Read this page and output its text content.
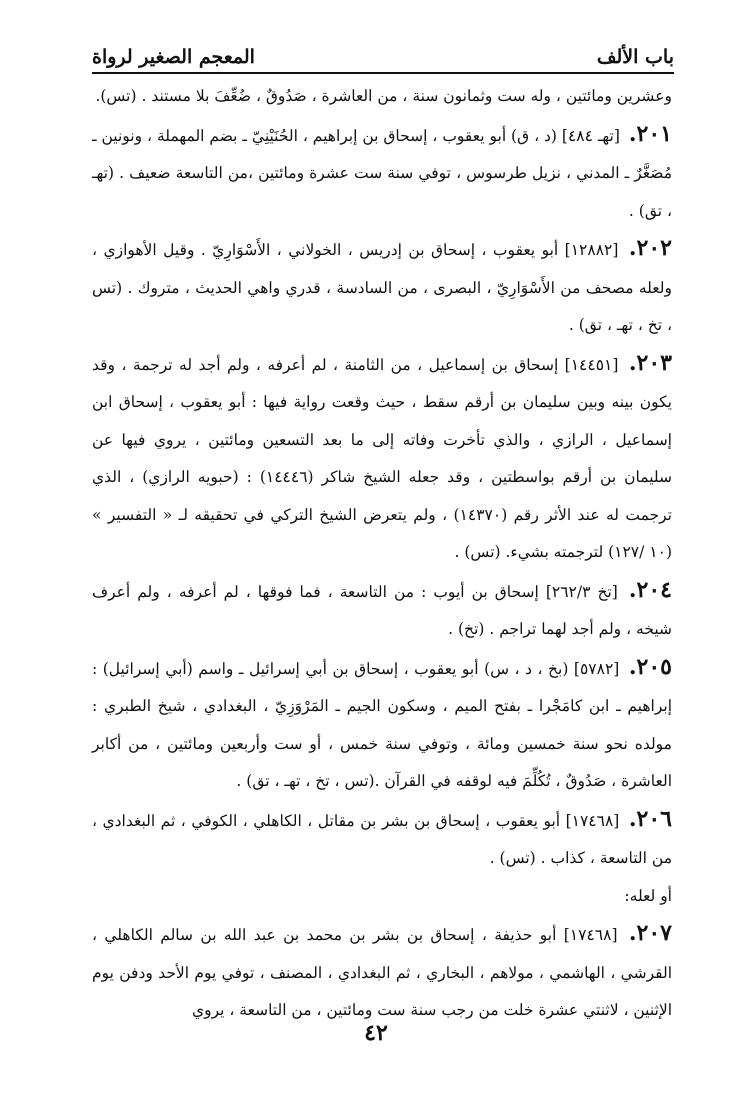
باب الألف
المعجم الصغير لرواة

وعشرين ومائتين ، وله ست وثمانون سنة ، من العاشرة ، صَدُوقٌ ، ضُعِّفَ بلا مستند . (تس).

٢٠١. [تهـ ٤٨٤] (د ، ق) أبو يعقوب ، إسحاق بن إبراهيم ، الحُنَيْنِيّ ـ بضم المهملة ، ونونين ـ مُصَغَّرٌ ـ المدني ، نزيل طرسوس ، توفي سنة ست عشرة ومائتين ،من التاسعة ضعيف . (تهـ ، تق) .

٢٠٢. [١٢٨٨٢] أبو يعقوب ، إسحاق بن إدريس ، الخولاني ، الأَسْوَارِيّ . وقيل الأهوازي ، ولعله مصحف من الأَسْوَارِيّ ، البصرى ، من السادسة ، قدري واهي الحديث ، متروك . (تس ، تخ ، تهـ ، تق) .

٢٠٣. [١٤٤٥١] إسحاق بن إسماعيل ، من الثامنة ، لم أعرفه ، ولم أجد له ترجمة ، وقد يكون بينه وبين سليمان بن أرقم سقط ، حيث وقعت رواية فيها : أبو يعقوب ، إسحاق ابن إسماعيل ، الرازي ، والذي تأخرت وفاته إلى ما بعد التسعين ومائتين ، يروي فيها عن سليمان بن أرقم بواسطتين ، وقد جعله الشيخ شاكر (١٤٤٤٦) : (حبويه الرازي) ، الذي ترجمت له عند الأثر رقم (١٤٣٧٠) ، ولم يتعرض الشيخ التركي في تحقيقه لـ « التفسير » (١٠ /١٢٧) لترجمته بشيء. (تس) .

٢٠٤. [تخ ٢٦٢/٣] إسحاق بن أيوب : من التاسعة ، فما فوقها ، لم أعرفه ، ولم أعرف شيخه ، ولم أجد لهما تراجم . (تخ) .

٢٠٥. [٥٧٨٢] (بخ ، د ، س) أبو يعقوب ، إسحاق بن أبي إسرائيل ـ واسم (أبي إسرائيل) : إبراهيم ـ ابن كامَجْرا ـ بفتح الميم ، وسكون الجيم ـ المَرْوَزِيّ ، البغدادي ، شيخ الطبري : مولده نحو سنة خمسين ومائة ، وتوفي سنة خمس ، أو ست وأربعين ومائتين ، من أكابر العاشرة ، صَدُوقٌ ، تُكُلِّمَ فيه لوقفه في القرآن .(تس ، تخ ، تهـ ، تق) .

٢٠٦. [١٧٤٦٨] أبو يعقوب ، إسحاق بن بشر بن مقاتل ، الكاهلي ، الكوفي ، ثم البغدادي ، من التاسعة ، كذاب . (تس) .

أو لعله:

٢٠٧. [١٧٤٦٨] أبو حذيفة ، إسحاق بن بشر بن محمد بن عبد الله بن سالم الكاهلي ، القرشي ، الهاشمي ، مولاهم ، البخاري ، ثم البغدادي ، المصنف ، توفي يوم الأحد ودفن يوم الإثنين ، لاثنتي عشرة خلت من رجب سنة ست ومائتين ، من التاسعة ، يروي

٤٢
